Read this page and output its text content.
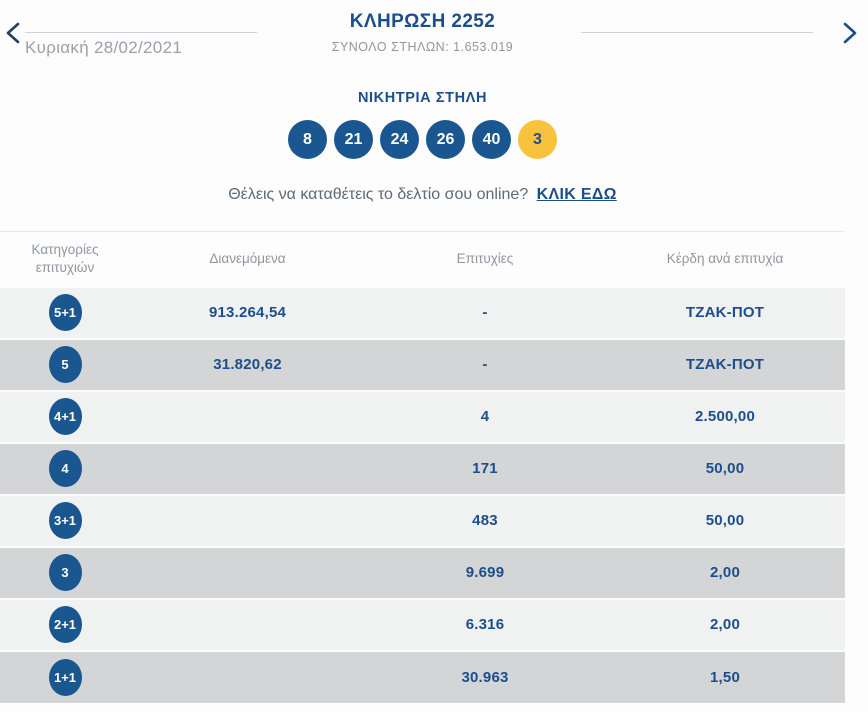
Κυριακή 28/02/2021
ΚΛΗΡΩΣΗ 2252
ΣΥΝΟΛΟ ΣΤΗΛΩΝ: 1.653.019
ΝΙΚΗΤΡΙΑ ΣΤΗΛΗ
8	21	24	26	40	3

Θέλεις να καταθέτεις το δελτίο σου online? ΚΛΙΚ ΕΔΩ

Κατηγορίες επιτυχιών	Διανεμόμενα	Επιτυχίες	Κέρδη ανά επιτυχία
5+1	913.264,54	-	ΤΖΑΚ-ΠΟΤ
5	31.820,62	-	ΤΖΑΚ-ΠΟΤ
4+1		4	2.500,00
4		171	50,00
3+1		483	50,00
3		9.699	2,00
2+1		6.316	2,00
1+1		30.963	1,50
